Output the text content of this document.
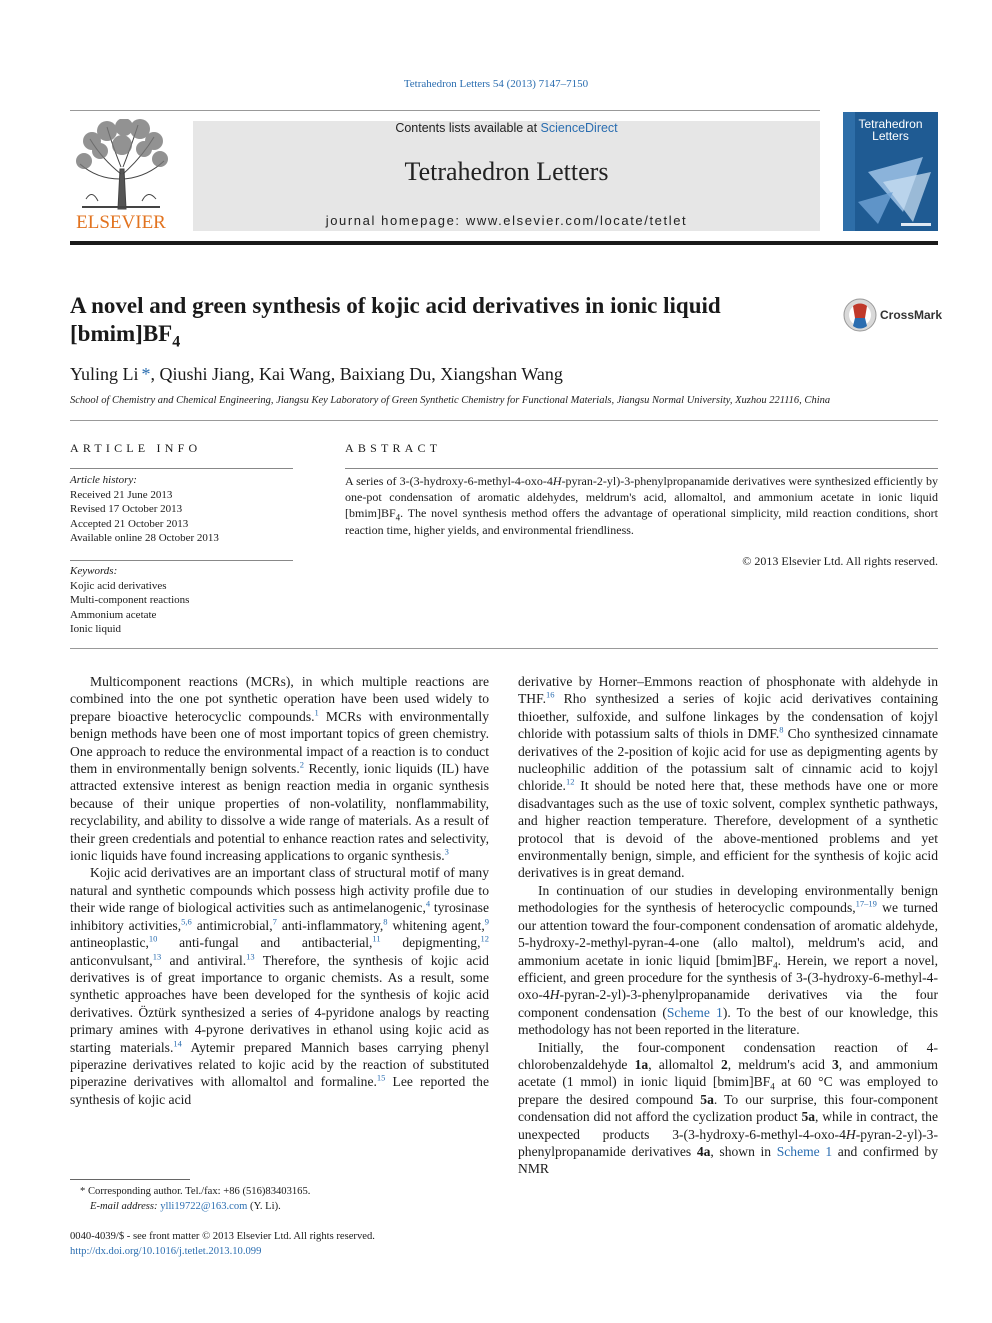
Tetrahedron Letters 54 (2013) 7147–7150
ELSEVIER
Contents lists available at ScienceDirect
Tetrahedron Letters
journal homepage: www.elsevier.com/locate/tetlet
Tetrahedron
Letters
A novel and green synthesis of kojic acid derivatives in ionic liquid
$[bmim]BF_4$
CrossMark
Yuling Li *, Qiushi Jiang, Kai Wang, Baixiang Du, Xiangshan Wang
School of Chemistry and Chemical Engineering, Jiangsu Key Laboratory of Green Synthetic Chemistry for Functional Materials, Jiangsu Normal University, Xuzhou 221116, China
ARTICLE INFO
Article history:
Received 21 June 2013
Revised 17 October 2013
Accepted 21 October 2013
Available online 28 October 2013
Keywords:
Kojic acid derivatives
Multi-component reactions
Ammonium acetate
Ionic liquid
ABSTRACT
A series of 3-(3-hydroxy-6-methyl-4-oxo-4H-pyran-2-yl)-3-phenylpropanamide derivatives were synthesized efficiently by one-pot condensation of aromatic aldehydes, meldrum's acid, allomaltol, and ammonium acetate in ionic liquid $[bmim]BF_4$. The novel synthesis method offers the advantage of operational simplicity, mild reaction conditions, short reaction time, higher yields, and environmental friendliness.
© 2013 Elsevier Ltd. All rights reserved.

Multicomponent reactions (MCRs), in which multiple reactions are combined into the one pot synthetic operation have been used widely to prepare bioactive heterocyclic compounds.$^1$ MCRs with environmentally benign methods have been one of most important topics of green chemistry. One approach to reduce the environmental impact of a reaction is to conduct them in environmentally benign solvents.$^2$ Recently, ionic liquids (IL) have attracted extensive interest as benign reaction media in organic synthesis because of their unique properties of non-volatility, nonflammability, recyclability, and ability to dissolve a wide range of materials. As a result of their green credentials and potential to enhance reaction rates and selectivity, ionic liquids have found increasing applications to organic synthesis.$^3$

Kojic acid derivatives are an important class of structural motif of many natural and synthetic compounds which possess high activity profile due to their wide range of biological activities such as antimelanogenic,$^4$ tyrosinase inhibitory activities,$^{5,6}$ antimicrobial,$^7$ anti-inflammatory,$^8$ whitening agent,$^9$ antineoplastic,$^{10}$ anti-fungal and antibacterial,$^{11}$ depigmenting,$^{12}$ anticonvulsant,$^{13}$ and antiviral.$^{13}$ Therefore, the synthesis of kojic acid derivatives is of great importance to organic chemists. As a result, some synthetic approaches have been developed for the synthesis of kojic acid derivatives. Öztürk synthesized a series of 4-pyridone analogs by reacting primary amines with 4-pyrone derivatives in ethanol using kojic acid as starting materials.$^{14}$ Aytemir prepared Mannich bases carrying phenyl piperazine derivatives related to kojic acid by the reaction of substituted piperazine derivatives with allomaltol and formaline.$^{15}$ Lee reported the synthesis of kojic acid

derivative by Horner–Emmons reaction of phosphonate with aldehyde in THF.$^{16}$ Rho synthesized a series of kojic acid derivatives containing thioether, sulfoxide, and sulfone linkages by the condensation of kojyl chloride with potassium salts of thiols in DMF.$^8$ Cho synthesized cinnamate derivatives of the 2-position of kojic acid for use as depigmenting agents by nucleophilic addition of the potassium salt of cinnamic acid to kojyl chloride.$^{12}$ It should be noted here that, these methods have one or more disadvantages such as the use of toxic solvent, complex synthetic pathways, and higher reaction temperature. Therefore, development of a synthetic protocol that is devoid of the above-mentioned problems and yet environmentally benign, simple, and efficient for the synthesis of kojic acid derivatives is in great demand.

In continuation of our studies in developing environmentally benign methodologies for the synthesis of heterocyclic compounds,$^{17-19}$ we turned our attention toward the four-component condensation of aromatic aldehyde, 5-hydroxy-2-methyl-pyran-4-one (allo maltol), meldrum's acid, and ammonium acetate in ionic liquid $[bmim]BF_4$. Herein, we report a novel, efficient, and green procedure for the synthesis of 3-(3-hydroxy-6-methyl-4-oxo-4H-pyran-2-yl)-3-phenylpropanamide derivatives via the four component condensation (Scheme 1). To the best of our knowledge, this methodology has not been reported in the literature.

Initially, the four-component condensation reaction of 4-chlorobenzaldehyde 1a, allomaltol 2, meldrum's acid 3, and ammonium acetate (1 mmol) in ionic liquid $[bmim]BF_4$ at 60 °C was employed to prepare the desired compound 5a. To our surprise, this four-component condensation did not afford the cyclization product 5a, while in contract, the unexpected products 3-(3-hydroxy-6-methyl-4-oxo-4H-pyran-2-yl)-3- phenylpropanamide derivatives 4a, shown in Scheme 1 and confirmed by NMR

* Corresponding author. Tel./fax: +86 (516)83403165.
E-mail address: ylli19722@163.com (Y. Li).
0040-4039/$ - see front matter © 2013 Elsevier Ltd. All rights reserved.
http://dx.doi.org/10.1016/j.tetlet.2013.10.099
